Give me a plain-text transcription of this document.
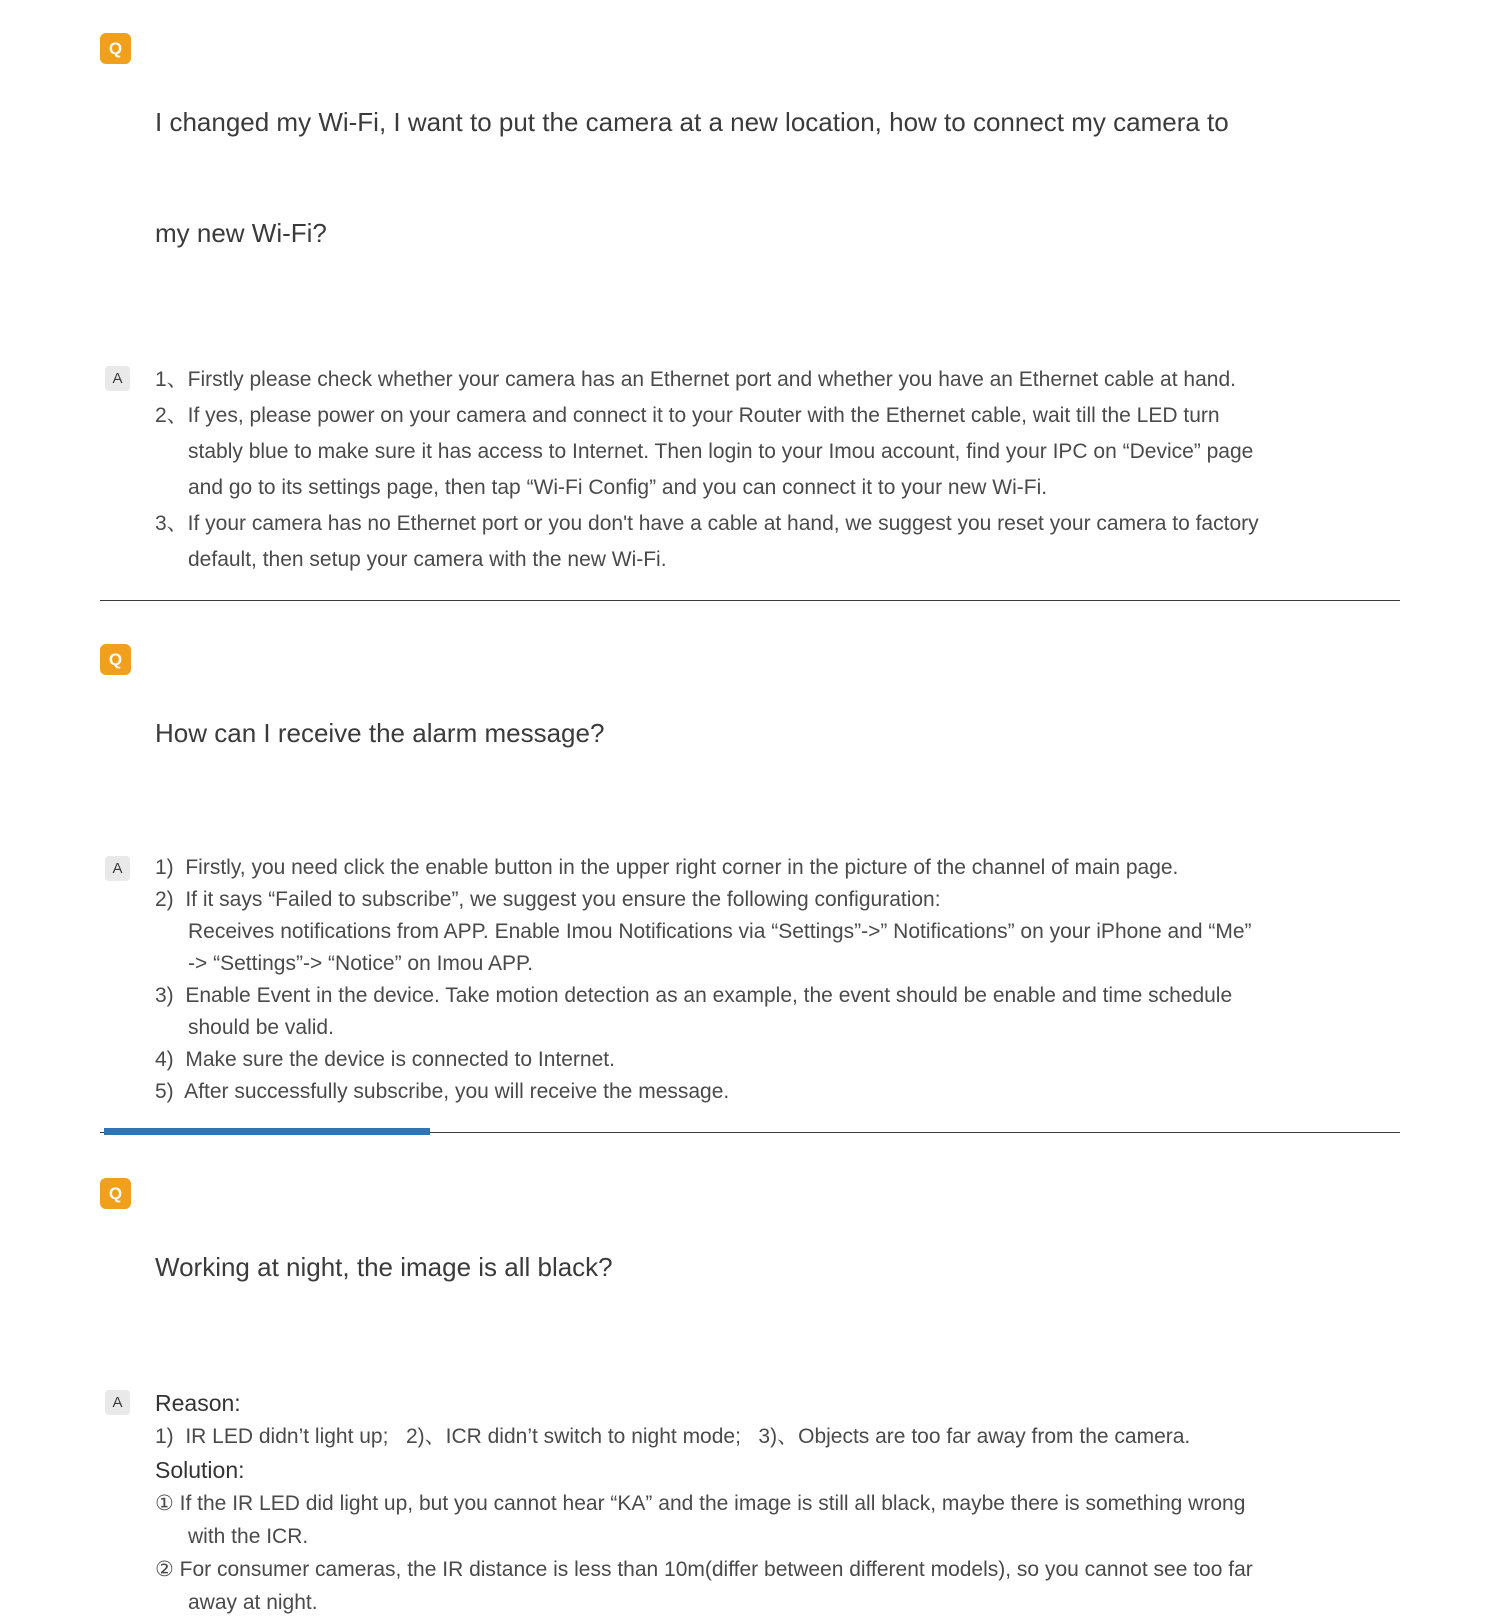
Q

I changed my Wi-Fi, I want to put the camera at a new location, how to connect my camera to

my new Wi-Fi?

A	1、Firstly please check whether your camera has an Ethernet port and whether you have an Ethernet cable at hand.
2、If yes, please power on your camera and connect it to your Router with the Ethernet cable, wait till the LED turn
stably blue to make sure it has access to Internet. Then login to your Imou account, find your IPC on “Device” page
and go to its settings page, then tap “Wi-Fi Config” and you can connect it to your new Wi-Fi.
3、If your camera has no Ethernet port or you don't have a cable at hand, we suggest you reset your camera to factory
default, then setup your camera with the new Wi-Fi.
Q

How can I receive the alarm message?

A	1)  Firstly, you need click the enable button in the upper right corner in the picture of the channel of main page.
2)  If it says “Failed to subscribe”, we suggest you ensure the following configuration:
Receives notifications from APP. Enable Imou Notifications via “Settings”->” Notifications” on your iPhone and “Me”
-> “Settings”-> “Notice” on Imou APP.
3)  Enable Event in the device. Take motion detection as an example, the event should be enable and time schedule
should be valid.
4)  Make sure the device is connected to Internet.
5)  After successfully subscribe, you will receive the message.
Q

Working at night, the image is all black?

A	Reason:
1)  IR LED didn’t light up;   2)、ICR didn’t switch to night mode;   3)、Objects are too far away from the camera.
Solution:
① If the IR LED did light up, but you cannot hear “KA” and the image is still all black, maybe there is something wrong
with the ICR.
② For consumer cameras, the IR distance is less than 10m(differ between different models), so you cannot see too far
away at night.
